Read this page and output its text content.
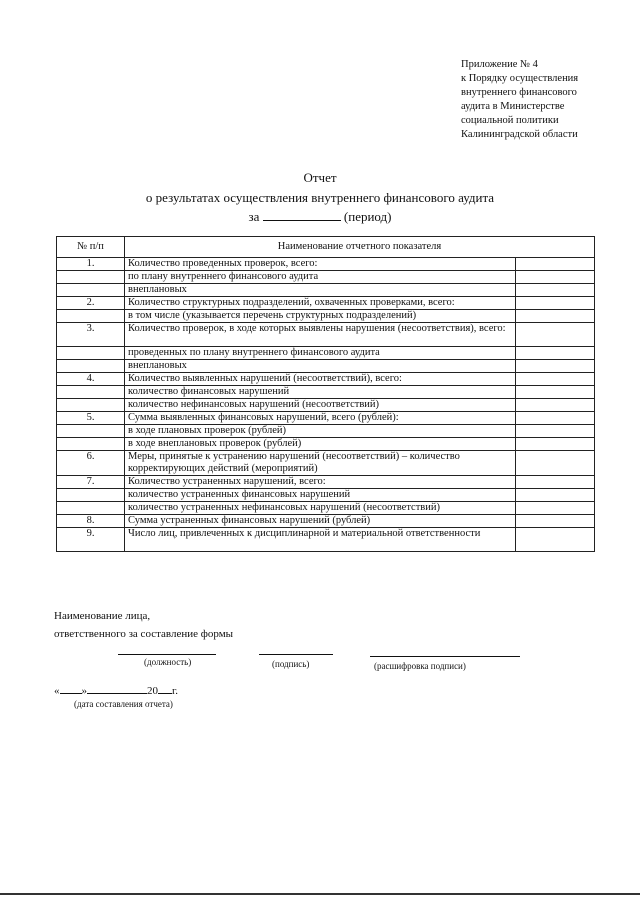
Приложение № 4
к Порядку осуществления
внутреннего финансового
аудита в Министерстве
социальной политики
Калининградской области
Отчет
о результатах осуществления внутреннего финансового аудита
за	(период)
№ п/п	Наименование отчетного показателя	
1.	Количество проведенных проверок, всего:	
	по плану внутреннего финансового аудита	
	внеплановых	
2.	Количество структурных подразделений, охваченных проверками, всего:	
	в том числе (указывается перечень структурных подразделений)	
3.	Количество проверок, в ходе которых выявлены нарушения (несоответствия), всего:	
	проведенных по плану внутреннего финансового аудита	
	внеплановых	
4.	Количество выявленных нарушений (несоответствий), всего:	
	количество финансовых нарушений	
	количество нефинансовых нарушений (несоответствий)	
5.	Сумма выявленных финансовых нарушений, всего (рублей):	
	в ходе плановых проверок (рублей)	
	в ходе внеплановых проверок (рублей)	
6.	Меры, принятые к устранению нарушений (несоответствий) – количество корректирующих действий (мероприятий)	
7.	Количество устраненных нарушений, всего:	
	количество устраненных финансовых нарушений	
	количество устраненных нефинансовых нарушений (несоответствий)	
8.	Сумма устраненных финансовых нарушений (рублей)	
9.	Число лиц, привлеченных к дисциплинарной и материальной ответственности	
Наименование лица,
ответственного за составление формы
(должность)	(подпись)	(расшифровка подписи)
« »	20 г.
(дата составления отчета)
